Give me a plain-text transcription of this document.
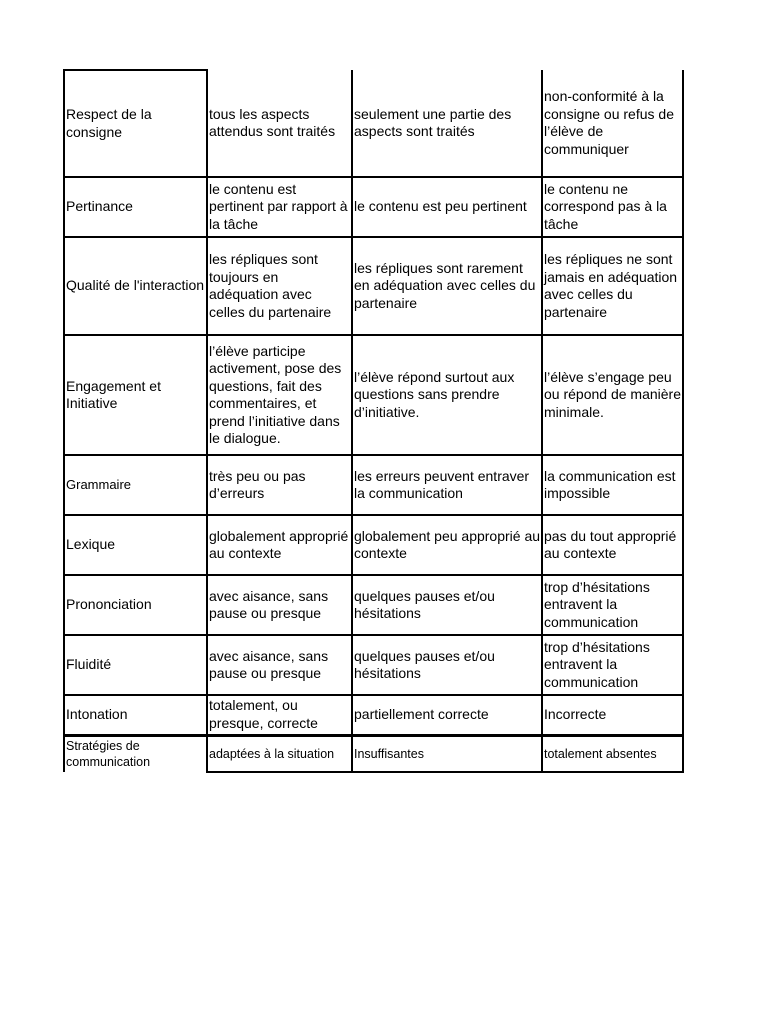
Respect de la consigne	tous les aspects attendus sont traités	seulement une partie des aspects sont traités	non-conformité à la consigne ou refus de l’élève de communiquer
Pertinance	le contenu est pertinent par rapport à la tâche	le contenu est peu pertinent	le contenu ne correspond pas à la tâche
Qualité de l'interaction	les répliques sont toujours en adéquation avec celles du partenaire	les répliques sont rarement en adéquation avec celles du partenaire	les répliques ne sont jamais en adéquation avec celles du partenaire
Engagement et Initiative	l’élève participe activement, pose des questions, fait des commentaires, et prend l’initiative dans le dialogue.	l’élève répond surtout aux questions sans prendre d’initiative.	l’élève s’engage peu ou répond de manière minimale.
Grammaire	très peu ou pas d’erreurs	les erreurs peuvent entraver la communication	la communication est impossible
Lexique	globalement approprié au contexte	globalement peu approprié au contexte	pas du tout approprié au contexte
Prononciation	avec aisance, sans pause ou presque	quelques pauses et/ou hésitations	trop d’hésitations entravent la communication
Fluidité	avec aisance, sans pause ou presque	quelques pauses et/ou hésitations	trop d’hésitations entravent la communication
Intonation	totalement, ou presque, correcte	partiellement correcte	Incorrecte
Stratégies de communication	adaptées à la situation	Insuffisantes	totalement absentes
